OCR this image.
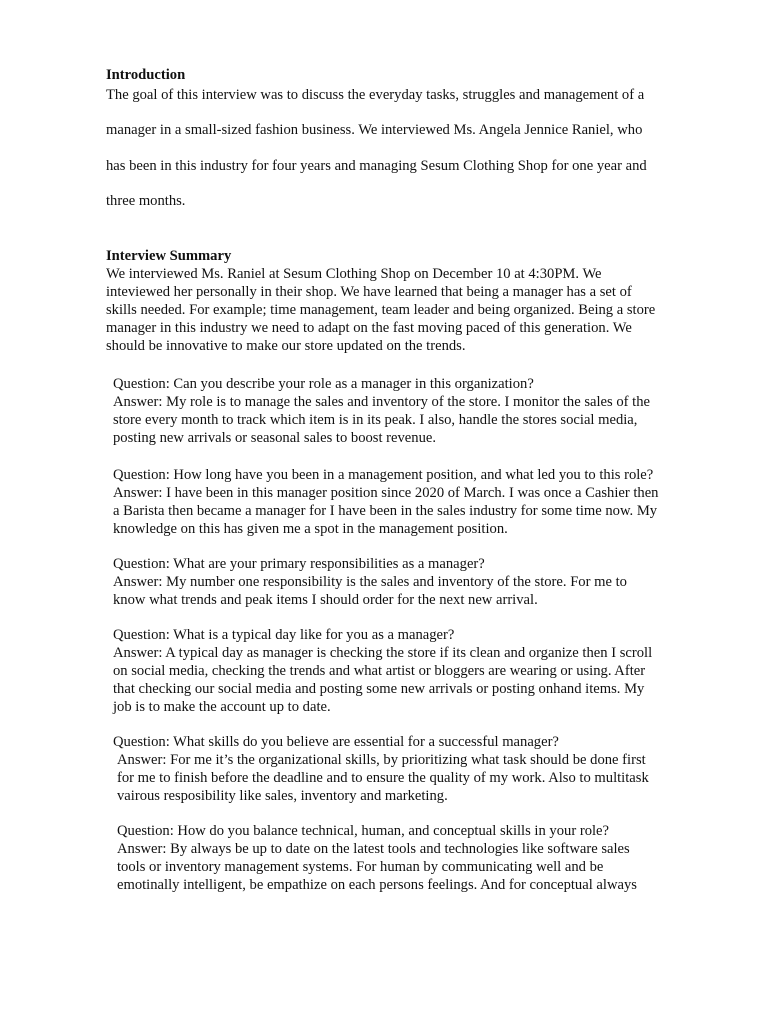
Introduction
The goal of this interview was to discuss the everyday tasks, struggles and management of a
manager in a small-sized fashion business. We interviewed Ms. Angela Jennice Raniel, who
has been in this industry for four years and managing Sesum Clothing Shop for one year and
three months.
Interview Summary
We interviewed Ms. Raniel at Sesum Clothing Shop on December 10 at 4:30PM. We
inteviewed her personally in their shop. We have learned that being a manager has a set of
skills needed. For example; time management, team leader and being organized. Being a store
manager in this industry we need to adapt on the fast moving paced of this generation. We
should be innovative to make our store updated on the trends.
Question: Can you describe your role as a manager in this organization?
Answer: My role is to manage the sales and inventory of the store. I monitor the sales of the
store every month to track which item is in its peak. I also, handle the stores social media,
posting new arrivals or seasonal sales to boost revenue.
Question: How long have you been in a management position, and what led you to this role?
Answer: I have been in this manager position since 2020 of March. I was once a Cashier then
a Barista then became a manager for I have been in the sales industry for some time now. My
knowledge on this has given me a spot in the management position.
Question: What are your primary responsibilities as a manager?
Answer: My number one responsibility is the sales and inventory of the store. For me to
know what trends and peak items I should order for the next new arrival.
Question: What is a typical day like for you as a manager?
Answer: A typical day as manager is checking the store if its clean and organize then I scroll
on social media, checking the trends and what artist or bloggers are wearing or using. After
that checking our social media and posting some new arrivals or posting onhand items. My
job is to make the account up to date.
Question: What skills do you believe are essential for a successful manager?
Answer: For me it’s the organizational skills, by prioritizing what task should be done first
for me to finish before the deadline and to ensure the quality of my work. Also to multitask
vairous resposibility like sales, inventory and marketing.
Question: How do you balance technical, human, and conceptual skills in your role?
Answer: By always be up to date on the latest tools and technologies like software sales
tools or inventory management systems. For human by communicating well and be
emotinally intelligent, be empathize on each persons feelings. And for conceptual always
